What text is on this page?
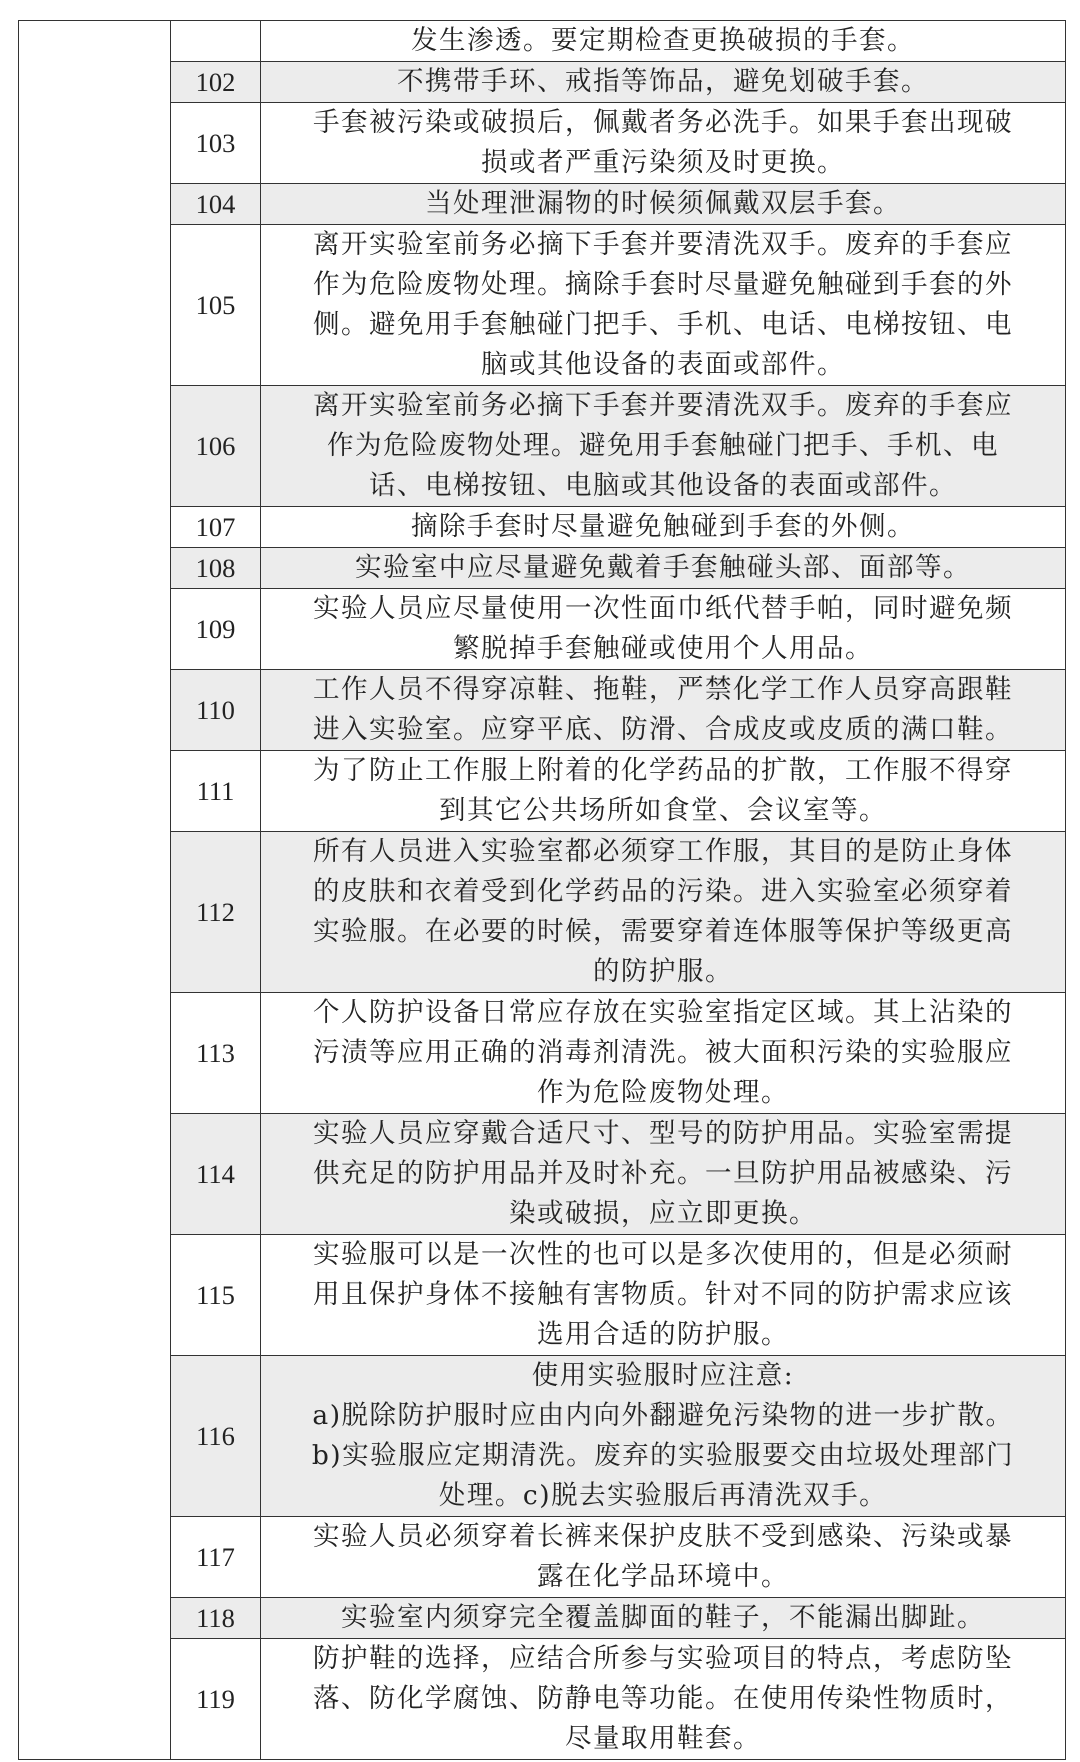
		发生渗透。要定期检查更换破损的手套。

	102	不携带手环、戒指等饰品，避免划破手套。

	103	手套被污染或破损后，佩戴者务必洗手。如果手套出现破
损或者严重污染须及时更换。

	104	当处理泄漏物的时候须佩戴双层手套。

	105	离开实验室前务必摘下手套并要清洗双手。废弃的手套应
作为危险废物处理。摘除手套时尽量避免触碰到手套的外
侧。避免用手套触碰门把手、手机、电话、电梯按钮、电
脑或其他设备的表面或部件。

	106	离开实验室前务必摘下手套并要清洗双手。废弃的手套应
作为危险废物处理。避免用手套触碰门把手、手机、电
话、电梯按钮、电脑或其他设备的表面或部件。

	107	摘除手套时尽量避免触碰到手套的外侧。

	108	实验室中应尽量避免戴着手套触碰头部、面部等。

	109	实验人员应尽量使用一次性面巾纸代替手帕，同时避免频
繁脱掉手套触碰或使用个人用品。

	110	工作人员不得穿凉鞋、拖鞋，严禁化学工作人员穿高跟鞋
进入实验室。应穿平底、防滑、合成皮或皮质的满口鞋。

	111	为了防止工作服上附着的化学药品的扩散，工作服不得穿
到其它公共场所如食堂、会议室等。

	112	所有人员进入实验室都必须穿工作服，其目的是防止身体
的皮肤和衣着受到化学药品的污染。进入实验室必须穿着
实验服。在必要的时候，需要穿着连体服等保护等级更高
的防护服。

	113	个人防护设备日常应存放在实验室指定区域。其上沾染的
污渍等应用正确的消毒剂清洗。被大面积污染的实验服应
作为危险废物处理。

	114	实验人员应穿戴合适尺寸、型号的防护用品。实验室需提
供充足的防护用品并及时补充。一旦防护用品被感染、污
染或破损，应立即更换。

	115	实验服可以是一次性的也可以是多次使用的，但是必须耐
用且保护身体不接触有害物质。针对不同的防护需求应该
选用合适的防护服。

	116	使用实验服时应注意:
a)脱除防护服时应由内向外翻避免污染物的进一步扩散。
b)实验服应定期清洗。废弃的实验服要交由垃圾处理部门
处理。c)脱去实验服后再清洗双手。

	117	实验人员必须穿着长裤来保护皮肤不受到感染、污染或暴
露在化学品环境中。

	118	实验室内须穿完全覆盖脚面的鞋子，不能漏出脚趾。

	119	防护鞋的选择，应结合所参与实验项目的特点，考虑防坠
落、防化学腐蚀、防静电等功能。在使用传染性物质时，
尽量取用鞋套。
